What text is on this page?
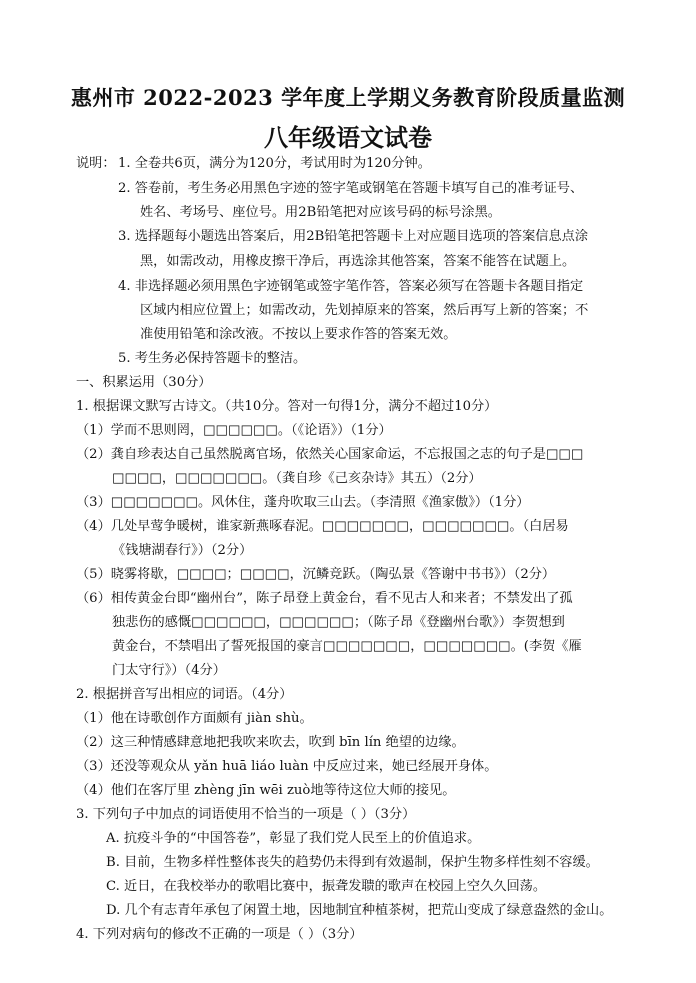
惠州市 2022-2023 学年度上学期义务教育阶段质量监测
八年级语文试卷
说明： 1. 全卷共6页，满分为120分，考试用时为120分钟。
2. 答卷前，考生务必用黑色字迹的签字笔或钢笔在答题卡填写自己的准考证号、
姓名、考场号、座位号。用2B铅笔把对应该号码的标号涂黑。
3. 选择题每小题选出答案后，用2B铅笔把答题卡上对应题目选项的答案信息点涂
黑，如需改动，用橡皮擦干净后，再选涂其他答案，答案不能答在试题上。
4. 非选择题必须用黑色字迹钢笔或签字笔作答，答案必须写在答题卡各题目指定
区域内相应位置上；如需改动，先划掉原来的答案，然后再写上新的答案；不
准使用铅笔和涂改液。不按以上要求作答的答案无效。
5. 考生务必保持答题卡的整洁。
一、积累运用（30分）
1. 根据课文默写古诗文。（共10分。答对一句得1分，满分不超过10分）
（1）学而不思则罔，□□□□□□。（《论语》）（1分）
（2）龚自珍表达自己虽然脱离官场，依然关心国家命运，不忘报国之志的句子是□□□
□□□□，□□□□□□□。（龚自珍《己亥杂诗》其五）（2分）
（3）□□□□□□□。风休住，蓬舟吹取三山去。（李清照《渔家傲》）（1分）
（4）几处早莺争暖树，谁家新燕啄春泥。□□□□□□□，□□□□□□□。（白居易
《钱塘湖春行》）（2分）
（5）晓雾将歇，□□□□；□□□□，沉鳞竞跃。（陶弘景《答谢中书书》）（2分）
（6）相传黄金台即“幽州台”，陈子昂登上黄金台，看不见古人和来者；不禁发出了孤
独悲伤的感慨□□□□□□，□□□□□□；（陈子昂《登幽州台歌》）李贺想到
黄金台，不禁唱出了誓死报国的豪言□□□□□□□，□□□□□□□。(李贺《雁
门太守行》）（4分）
2. 根据拼音写出相应的词语。（4分）
（1）他在诗歌创作方面颇有 jiàn shù。
（2）这三种情感肆意地把我吹来吹去，吹到 bīn lín 绝望的边缘。
（3）还没等观众从 yǎn huā liáo luàn 中反应过来，她已经展开身体。
（4）他们在客厅里 zhèng jīn wēi zuò地等待这位大师的接见。
3. 下列句子中加点的词语使用不恰当的一项是（ ）（3分）
A. 抗疫斗争的“中国答卷”，彰显了我们党人民至上的价值追求。
B. 目前，生物多样性整体丧失的趋势仍未得到有效遏制，保护生物多样性刻不容缓。
C. 近日，在我校举办的歌唱比赛中，振聋发聩的歌声在校园上空久久回荡。
D. 几个有志青年承包了闲置土地，因地制宜种植茶树，把荒山变成了绿意盎然的金山。
4. 下列对病句的修改不正确的一项是（ ）（3分）
